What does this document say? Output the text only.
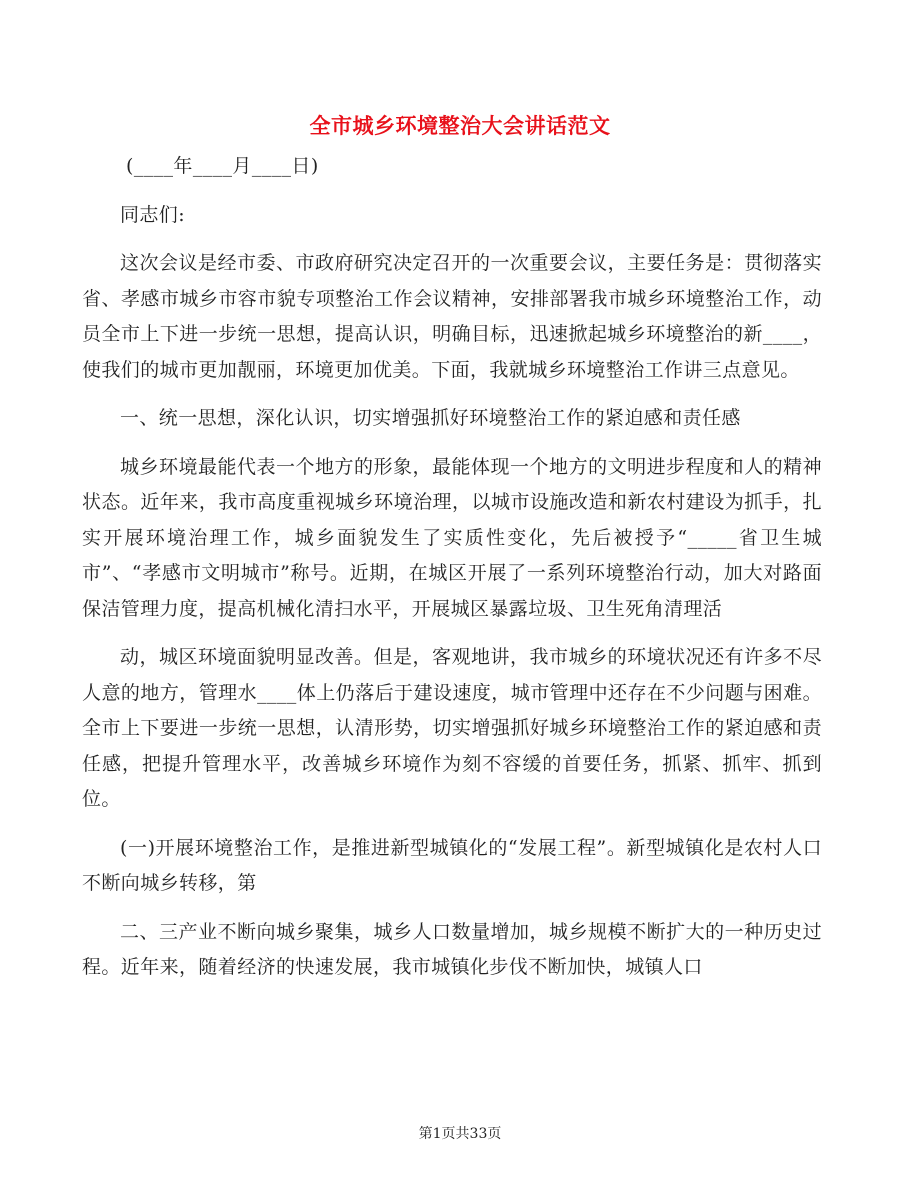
全市城乡环境整治大会讲话范文

(____年____月____日)

同志们:

这次会议是经市委、市政府研究决定召开的一次重要会议，主要任务是：贯彻落实省、孝感市城乡市容市貌专项整治工作会议精神，安排部署我市城乡环境整治工作，动员全市上下进一步统一思想，提高认识，明确目标，迅速掀起城乡环境整治的新____，使我们的城市更加靓丽，环境更加优美。下面，我就城乡环境整治工作讲三点意见。

一、统一思想，深化认识，切实增强抓好环境整治工作的紧迫感和责任感

城乡环境最能代表一个地方的形象，最能体现一个地方的文明进步程度和人的精神状态。近年来，我市高度重视城乡环境治理，以城市设施改造和新农村建设为抓手，扎实开展环境治理工作，城乡面貌发生了实质性变化，先后被授予“_____省卫生城市”、“孝感市文明城市”称号。近期，在城区开展了一系列环境整治行动，加大对路面保洁管理力度，提高机械化清扫水平，开展城区暴露垃圾、卫生死角清理活

动，城区环境面貌明显改善。但是，客观地讲，我市城乡的环境状况还有许多不尽人意的地方，管理水____体上仍落后于建设速度，城市管理中还存在不少问题与困难。全市上下要进一步统一思想，认清形势，切实增强抓好城乡环境整治工作的紧迫感和责任感，把提升管理水平，改善城乡环境作为刻不容缓的首要任务，抓紧、抓牢、抓到位。

(一)开展环境整治工作，是推进新型城镇化的“发展工程”。新型城镇化是农村人口不断向城乡转移，第

二、三产业不断向城乡聚集，城乡人口数量增加，城乡规模不断扩大的一种历史过程。近年来，随着经济的快速发展，我市城镇化步伐不断加快，城镇人口

第1页共33页
